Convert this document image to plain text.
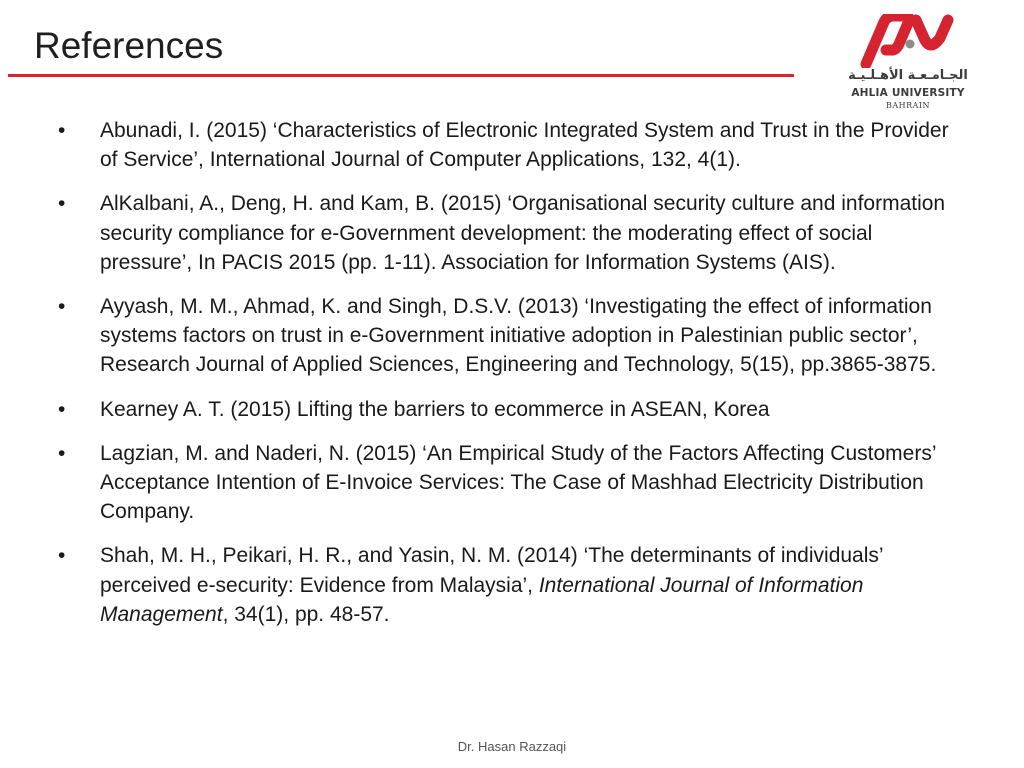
References
الجـامـعـة الأهـلـيـة
AHLIA UNIVERSITY
BAHRAIN
• Abunadi, I. (2015) ‘Characteristics of Electronic Integrated System and Trust in the Provider of Service’, International Journal of Computer Applications, 132, 4(1).
• AlKalbani, A., Deng, H. and Kam, B. (2015) ‘Organisational security culture and information security compliance for e-Government development: the moderating effect of social pressure’, In PACIS 2015 (pp. 1-11). Association for Information Systems (AIS).
• Ayyash, M. M., Ahmad, K. and Singh, D.S.V. (2013) ‘Investigating the effect of information systems factors on trust in e-Government initiative adoption in Palestinian public sector’, Research Journal of Applied Sciences, Engineering and Technology, 5(15), pp.3865-3875.
• Kearney A. T. (2015) Lifting the barriers to ecommerce in ASEAN, Korea
• Lagzian, M. and Naderi, N. (2015) ‘An Empirical Study of the Factors Affecting Customers’ Acceptance Intention of E-Invoice Services: The Case of Mashhad Electricity Distribution Company.
• Shah, M. H., Peikari, H. R., and Yasin, N. M. (2014) ‘The determinants of individuals’ perceived e-security: Evidence from Malaysia’, International Journal of Information Management, 34(1), pp. 48-57.
Dr. Hasan Razzaqi
